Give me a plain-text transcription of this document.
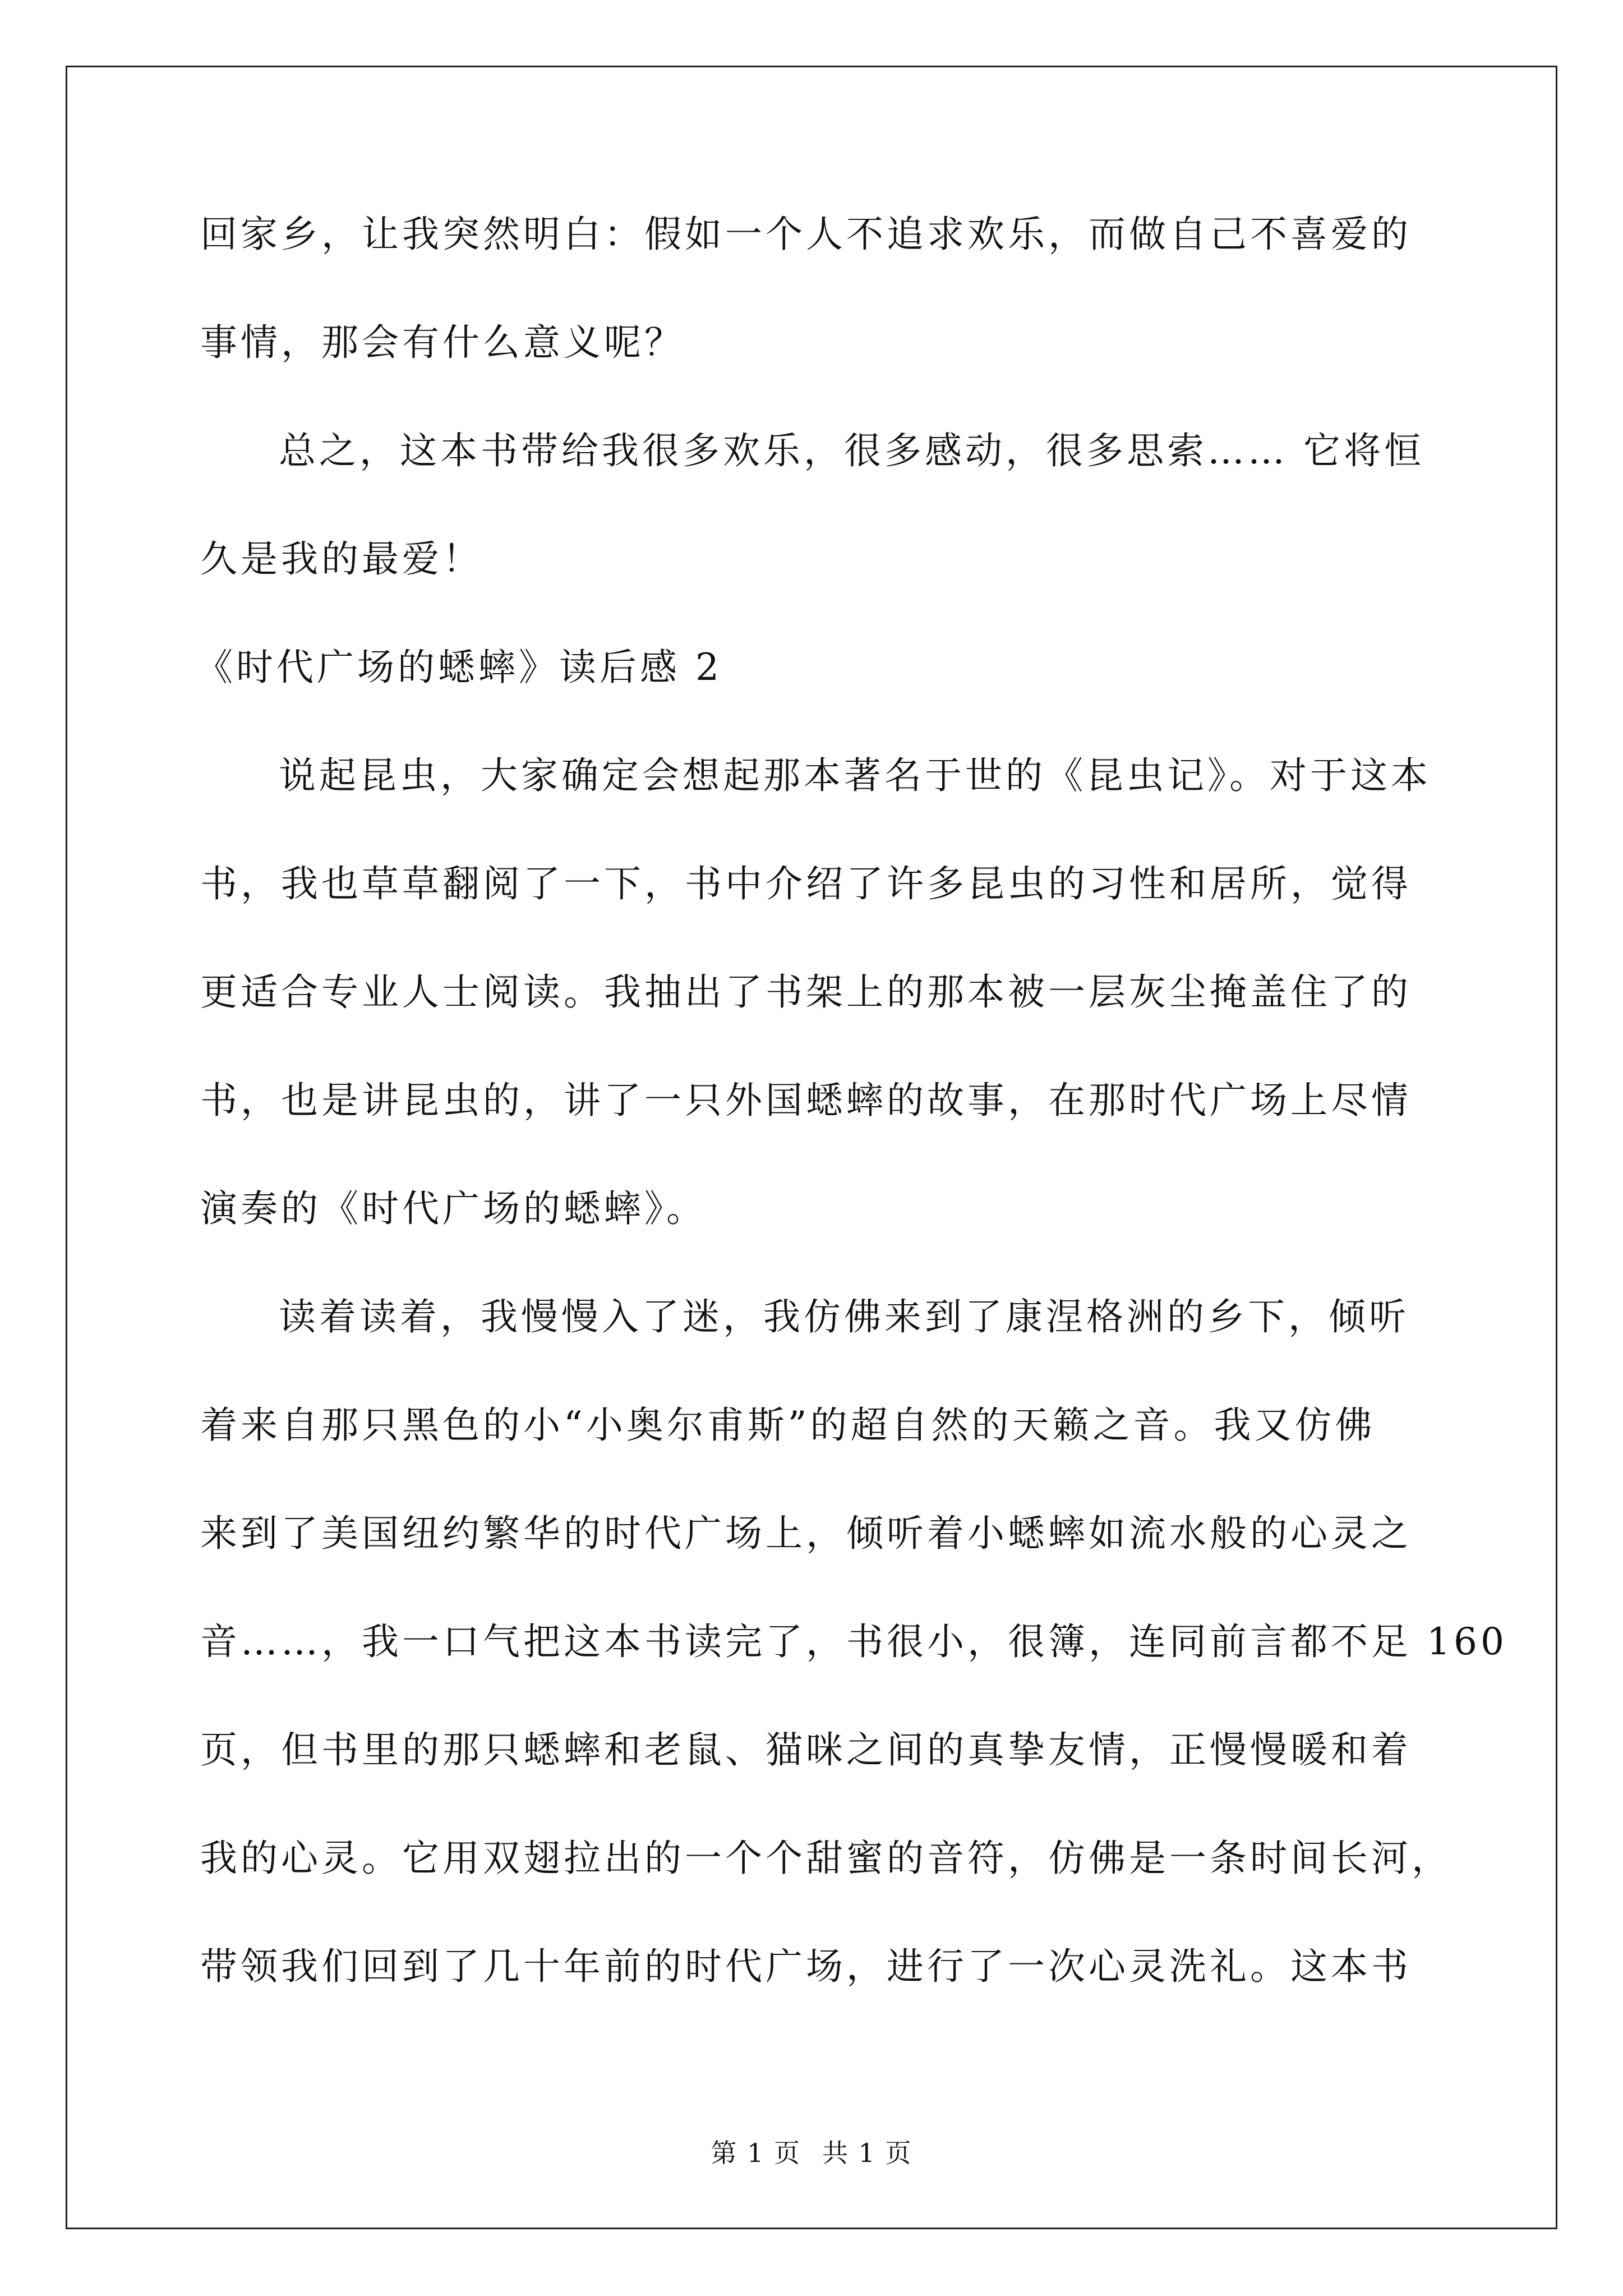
回家乡，让我突然明白：假如一个人不追求欢乐，而做自己不喜爱的
事情，那会有什么意义呢？
总之，这本书带给我很多欢乐，很多感动，很多思索…… 它将恒
久是我的最爱！
《时代广场的蟋蟀》读后感 2
说起昆虫，大家确定会想起那本著名于世的《昆虫记》。对于这本
书，我也草草翻阅了一下，书中介绍了许多昆虫的习性和居所，觉得
更适合专业人士阅读。我抽出了书架上的那本被一层灰尘掩盖住了的
书，也是讲昆虫的，讲了一只外国蟋蟀的故事，在那时代广场上尽情
演奏的《时代广场的蟋蟀》。
读着读着，我慢慢入了迷，我仿佛来到了康涅格洲的乡下，倾听
着来自那只黑色的小“小奥尔甫斯”的超自然的天籁之音。我又仿佛
来到了美国纽约繁华的时代广场上，倾听着小蟋蟀如流水般的心灵之
音……，我一口气把这本书读完了，书很小，很簿，连同前言都不足 160
页，但书里的那只蟋蟀和老鼠、猫咪之间的真挚友情，正慢慢暖和着
我的心灵。它用双翅拉出的一个个甜蜜的音符，仿佛是一条时间长河，
带领我们回到了几十年前的时代广场，进行了一次心灵洗礼。这本书
第 1 页 共 1 页
